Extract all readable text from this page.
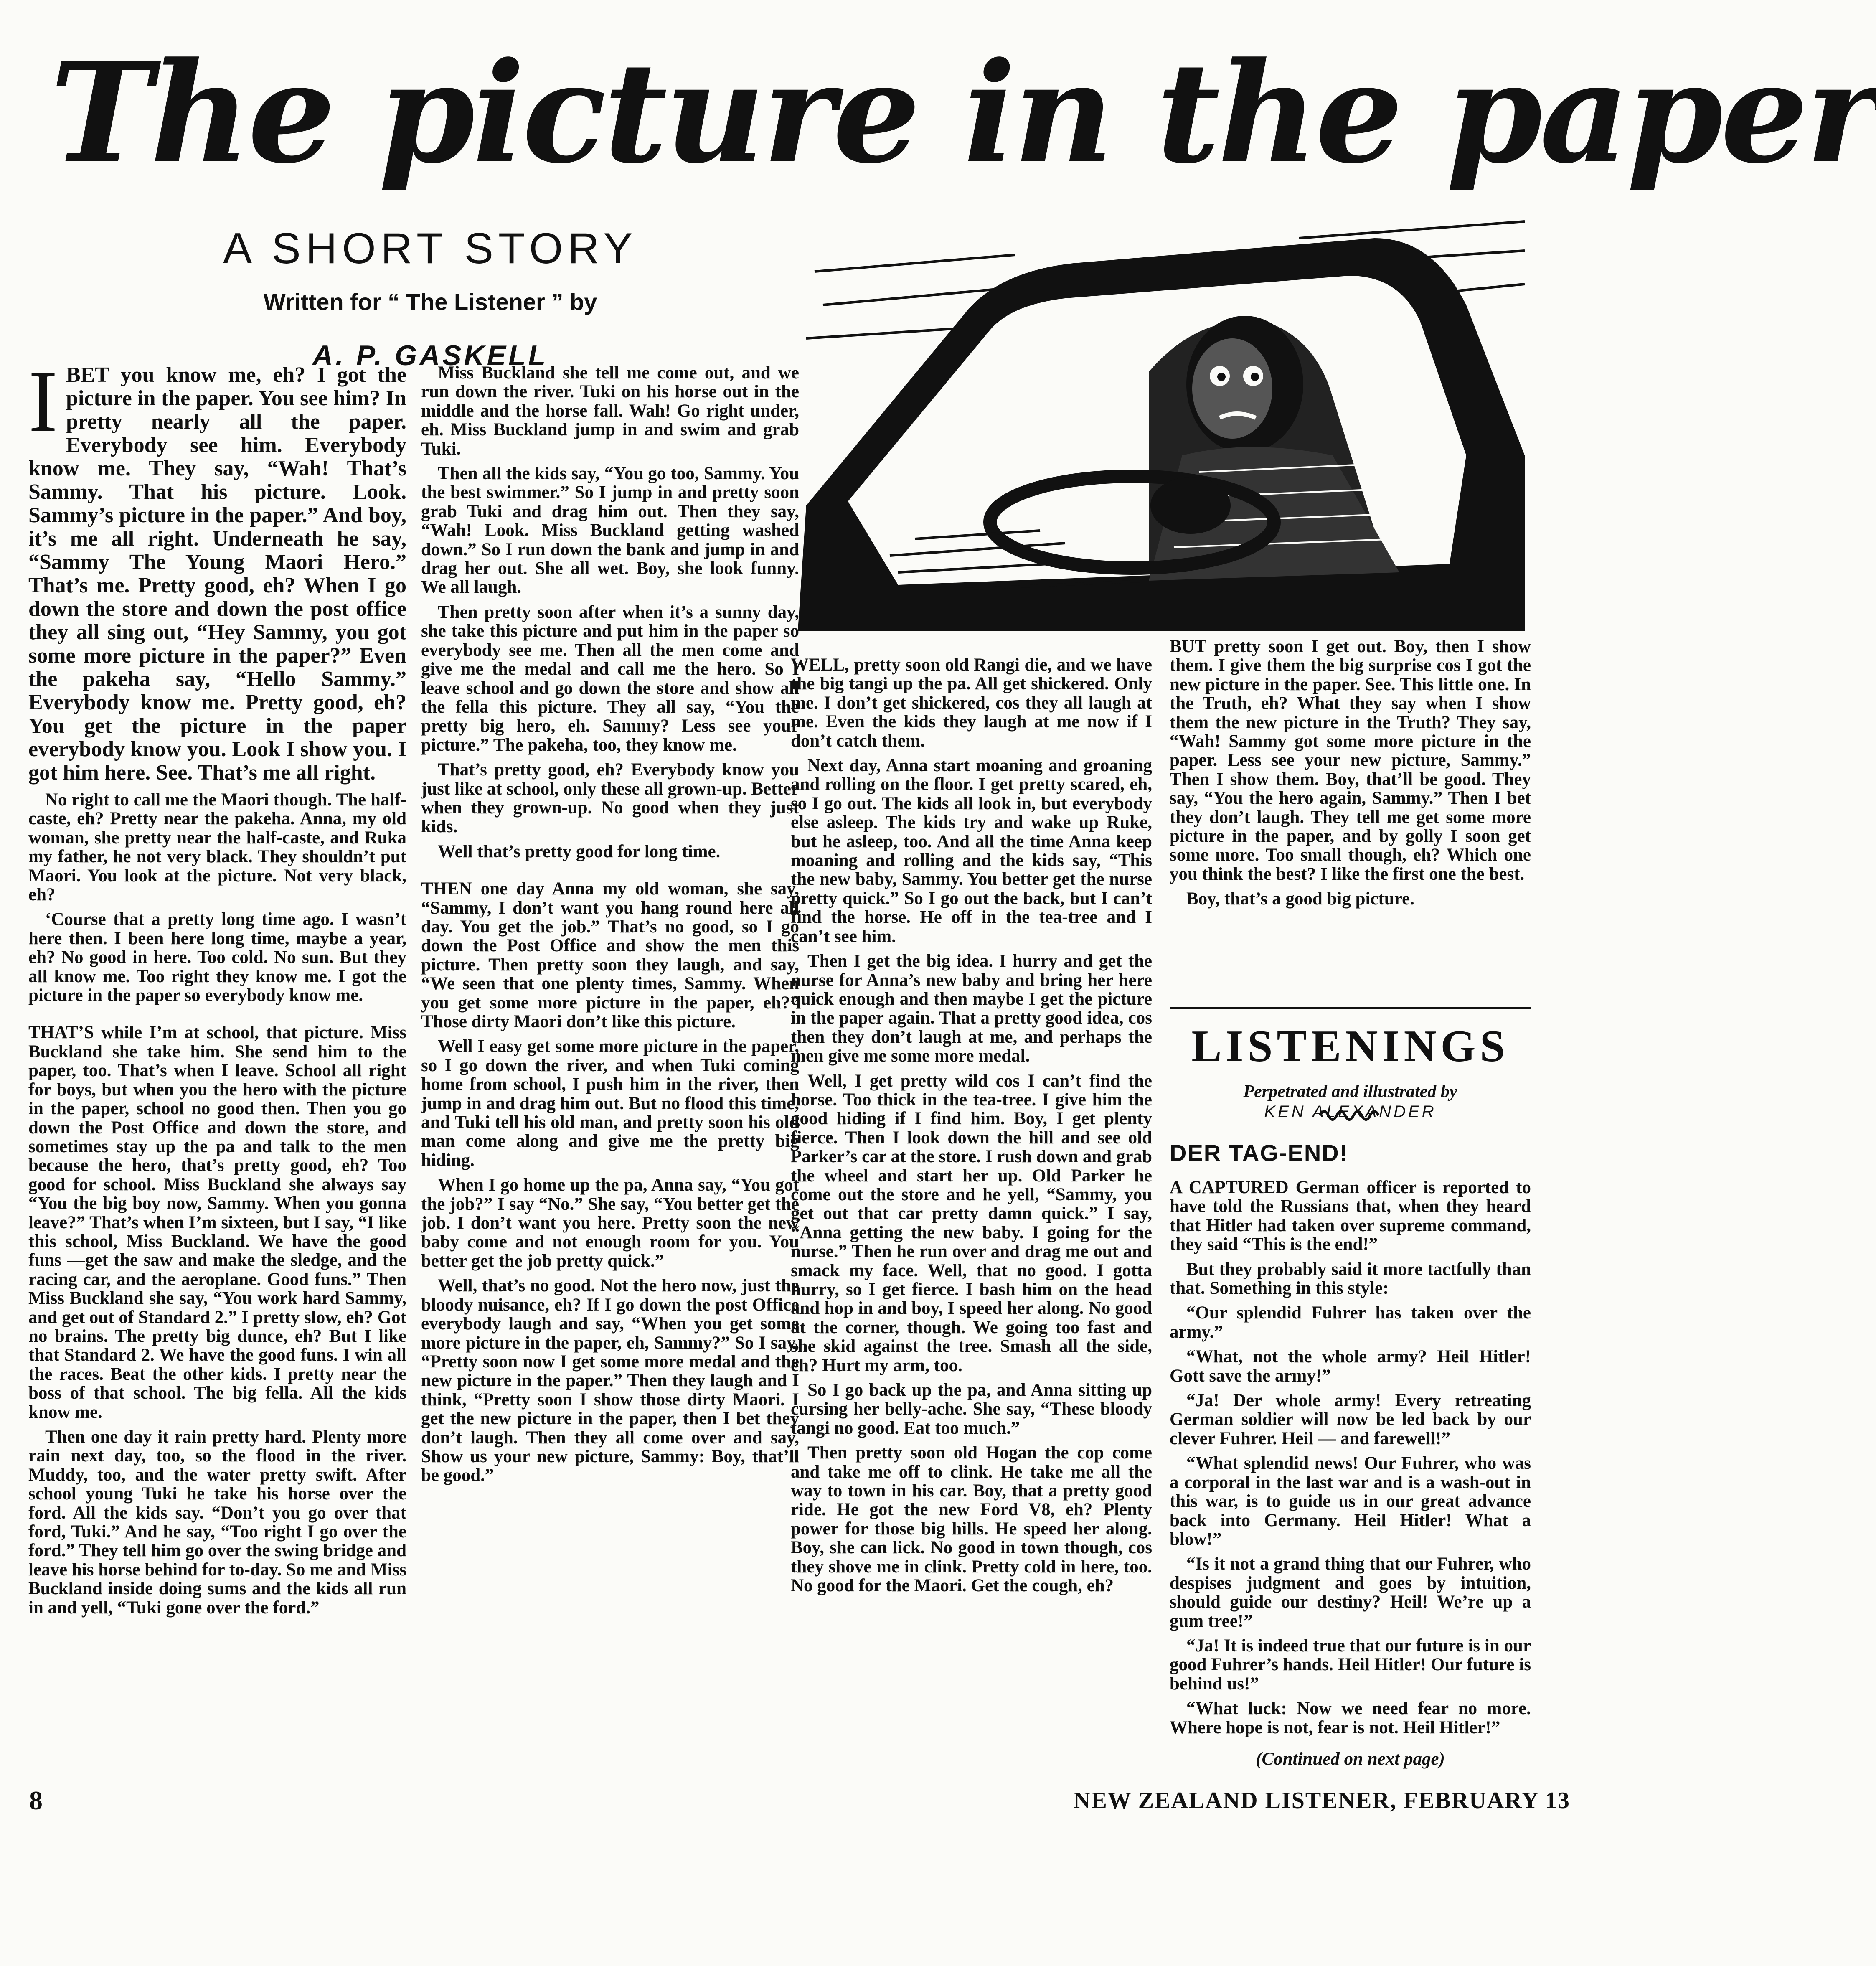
The picture in the paper
A SHORT STORY
Written for “ The Listener ” by
A. P. GASKELL

IBET you know me, eh? I got the picture in the paper. You see him? In pretty nearly all the paper. Everybody see him. Everybody know me. They say, “Wah! That’s Sammy. That his picture. Look. Sammy’s picture in the paper.” And boy, it’s me all right. Underneath he say, “Sammy The Young Maori Hero.” That’s me. Pretty good, eh? When I go down the store and down the post office they all sing out, “Hey Sammy, you got some more picture in the paper?” Even the pakeha say, “Hello Sammy.” Everybody know me. Pretty good, eh? You get the picture in the paper everybody know you. Look I show you. I got him here. See. That’s me all right.

No right to call me the Maori though. The half-caste, eh? Pretty near the pakeha. Anna, my old woman, she pretty near the half-caste, and Ruka my father, he not very black. They shouldn’t put Maori. You look at the picture. Not very black, eh?

‘Course that a pretty long time ago. I wasn’t here then. I been here long time, maybe a year, eh? No good in here. Too cold. No sun. But they all know me. Too right they know me. I got the picture in the paper so everybody know me.

THAT’S while I’m at school, that picture. Miss Buckland she take him. She send him to the paper, too. That’s when I leave. School all right for boys, but when you the hero with the picture in the paper, school no good then. Then you go down the Post Office and down the store, and sometimes stay up the pa and talk to the men because the hero, that’s pretty good, eh? Too good for school. Miss Buckland she always say “You the big boy now, Sammy. When you gonna leave?” That’s when I’m sixteen, but I say, “I like this school, Miss Buckland. We have the good funs —get the saw and make the sledge, and the racing car, and the aeroplane. Good funs.” Then Miss Buckland she say, “You work hard Sammy, and get out of Standard 2.” I pretty slow, eh? Got no brains. The pretty big dunce, eh? But I like that Standard 2. We have the good funs. I win all the races. Beat the other kids. I pretty near the boss of that school. The big fella. All the kids know me.

Then one day it rain pretty hard. Plenty more rain next day, too, so the flood in the river. Muddy, too, and the water pretty swift. After school young Tuki he take his horse over the ford. All the kids say. “Don’t you go over that ford, Tuki.” And he say, “Too right I go over the ford.” They tell him go over the swing bridge and leave his horse behind for to-day. So me and Miss Buckland inside doing sums and the kids all run in and yell, “Tuki gone over the ford.”

Miss Buckland she tell me come out, and we run down the river. Tuki on his horse out in the middle and the horse fall. Wah! Go right under, eh. Miss Buckland jump in and swim and grab Tuki.

Then all the kids say, “You go too, Sammy. You the best swimmer.” So I jump in and pretty soon grab Tuki and drag him out. Then they say, “Wah! Look. Miss Buckland getting washed down.” So I run down the bank and jump in and drag her out. She all wet. Boy, she look funny. We all laugh.

Then pretty soon after when it’s a sunny day, she take this picture and put him in the paper so everybody see me. Then all the men come and give me the medal and call me the hero. So I leave school and go down the store and show all the fella this picture. They all say, “You the pretty big hero, eh. Sammy? Less see your picture.” The pakeha, too, they know me.

That’s pretty good, eh? Everybody know you just like at school, only these all grown-up. Better when they grown-up. No good when they just kids.

Well that’s pretty good for long time.

THEN one day Anna my old woman, she say, “Sammy, I don’t want you hang round here all day. You get the job.” That’s no good, so I go down the Post Office and show the men this picture. Then pretty soon they laugh, and say, “We seen that one plenty times, Sammy. When you get some more picture in the paper, eh?” Those dirty Maori don’t like this picture.

Well I easy get some more picture in the paper, so I go down the river, and when Tuki coming home from school, I push him in the river, then jump in and drag him out. But no flood this time, and Tuki tell his old man, and pretty soon his old man come along and give me the pretty big hiding.

When I go home up the pa, Anna say, “You got the job?” I say “No.” She say, “You better get the job. I don’t want you here. Pretty soon the new baby come and not enough room for you. You better get the job pretty quick.”

Well, that’s no good. Not the hero now, just the bloody nuisance, eh? If I go down the post Office everybody laugh and say, “When you get some more picture in the paper, eh, Sammy?” So I say, “Pretty soon now I get some more medal and the new picture in the paper.” Then they laugh and I think, “Pretty soon I show those dirty Maori. I get the new picture in the paper, then I bet they don’t laugh. Then they all come over and say, Show us your new picture, Sammy: Boy, that’ll be good.”

WELL, pretty soon old Rangi die, and we have the big tangi up the pa. All get shickered. Only me. I don’t get shickered, cos they all laugh at me. Even the kids they laugh at me now if I don’t catch them.

Next day, Anna start moaning and groaning and rolling on the floor. I get pretty scared, eh, so I go out. The kids all look in, but everybody else asleep. The kids try and wake up Ruke, but he asleep, too. And all the time Anna keep moaning and rolling and the kids say, “This the new baby, Sammy. You better get the nurse pretty quick.” So I go out the back, but I can’t find the horse. He off in the tea-tree and I can’t see him.

Then I get the big idea. I hurry and get the nurse for Anna’s new baby and bring her here quick enough and then maybe I get the picture in the paper again. That a pretty good idea, cos then they don’t laugh at me, and perhaps the men give me some more medal.

Well, I get pretty wild cos I can’t find the horse. Too thick in the tea-tree. I give him the good hiding if I find him. Boy, I get plenty fierce. Then I look down the hill and see old Parker’s car at the store. I rush down and grab the wheel and start her up. Old Parker he come out the store and he yell, “Sammy, you get out that car pretty damn quick.” I say, “Anna getting the new baby. I going for the nurse.” Then he run over and drag me out and smack my face. Well, that no good. I gotta hurry, so I get fierce. I bash him on the head and hop in and boy, I speed her along. No good at the corner, though. We going too fast and she skid against the tree. Smash all the side, eh? Hurt my arm, too.

So I go back up the pa, and Anna sitting up cursing her belly-ache. She say, “These bloody tangi no good. Eat too much.”

Then pretty soon old Hogan the cop come and take me off to clink. He take me all the way to town in his car. Boy, that a pretty good ride. He got the new Ford V8, eh? Plenty power for those big hills. He speed her along. Boy, she can lick. No good in town though, cos they shove me in clink. Pretty cold in here, too. No good for the Maori. Get the cough, eh?

BUT pretty soon I get out. Boy, then I show them. I give them the big surprise cos I got the new picture in the paper. See. This little one. In the Truth, eh? What they say when I show them the new picture in the Truth? They say, “Wah! Sammy got some more picture in the paper. Less see your new picture, Sammy.” Then I show them. Boy, that’ll be good. They say, “You the hero again, Sammy.” Then I bet they don’t laugh. They tell me get some more picture in the paper, and by golly I soon get some more. Too small though, eh? Which one you think the best? I like the first one the best.

Boy, that’s a good big picture.

LISTENINGS
Perpetrated and illustrated by
KEN ALEXANDER
DER TAG-END!

A CAPTURED German officer is reported to have told the Russians that, when they heard that Hitler had taken over supreme command, they said “This is the end!”

But they probably said it more tactfully than that. Something in this style:

“Our splendid Fuhrer has taken over the army.”

“What, not the whole army? Heil Hitler! Gott save the army!”

“Ja! Der whole army! Every retreating German soldier will now be led back by our clever Fuhrer. Heil — and farewell!”

“What splendid news! Our Fuhrer, who was a corporal in the last war and is a wash-out in this war, is to guide us in our great advance back into Germany. Heil Hitler! What a blow!”

“Is it not a grand thing that our Fuhrer, who despises judgment and goes by intuition, should guide our destiny? Heil! We’re up a gum tree!”

“Ja! It is indeed true that our future is in our good Fuhrer’s hands. Heil Hitler! Our future is behind us!”

“What luck: Now we need fear no more. Where hope is not, fear is not. Heil Hitler!”

(Continued on next page)

8	NEW ZEALAND LISTENER, FEBRUARY 13
